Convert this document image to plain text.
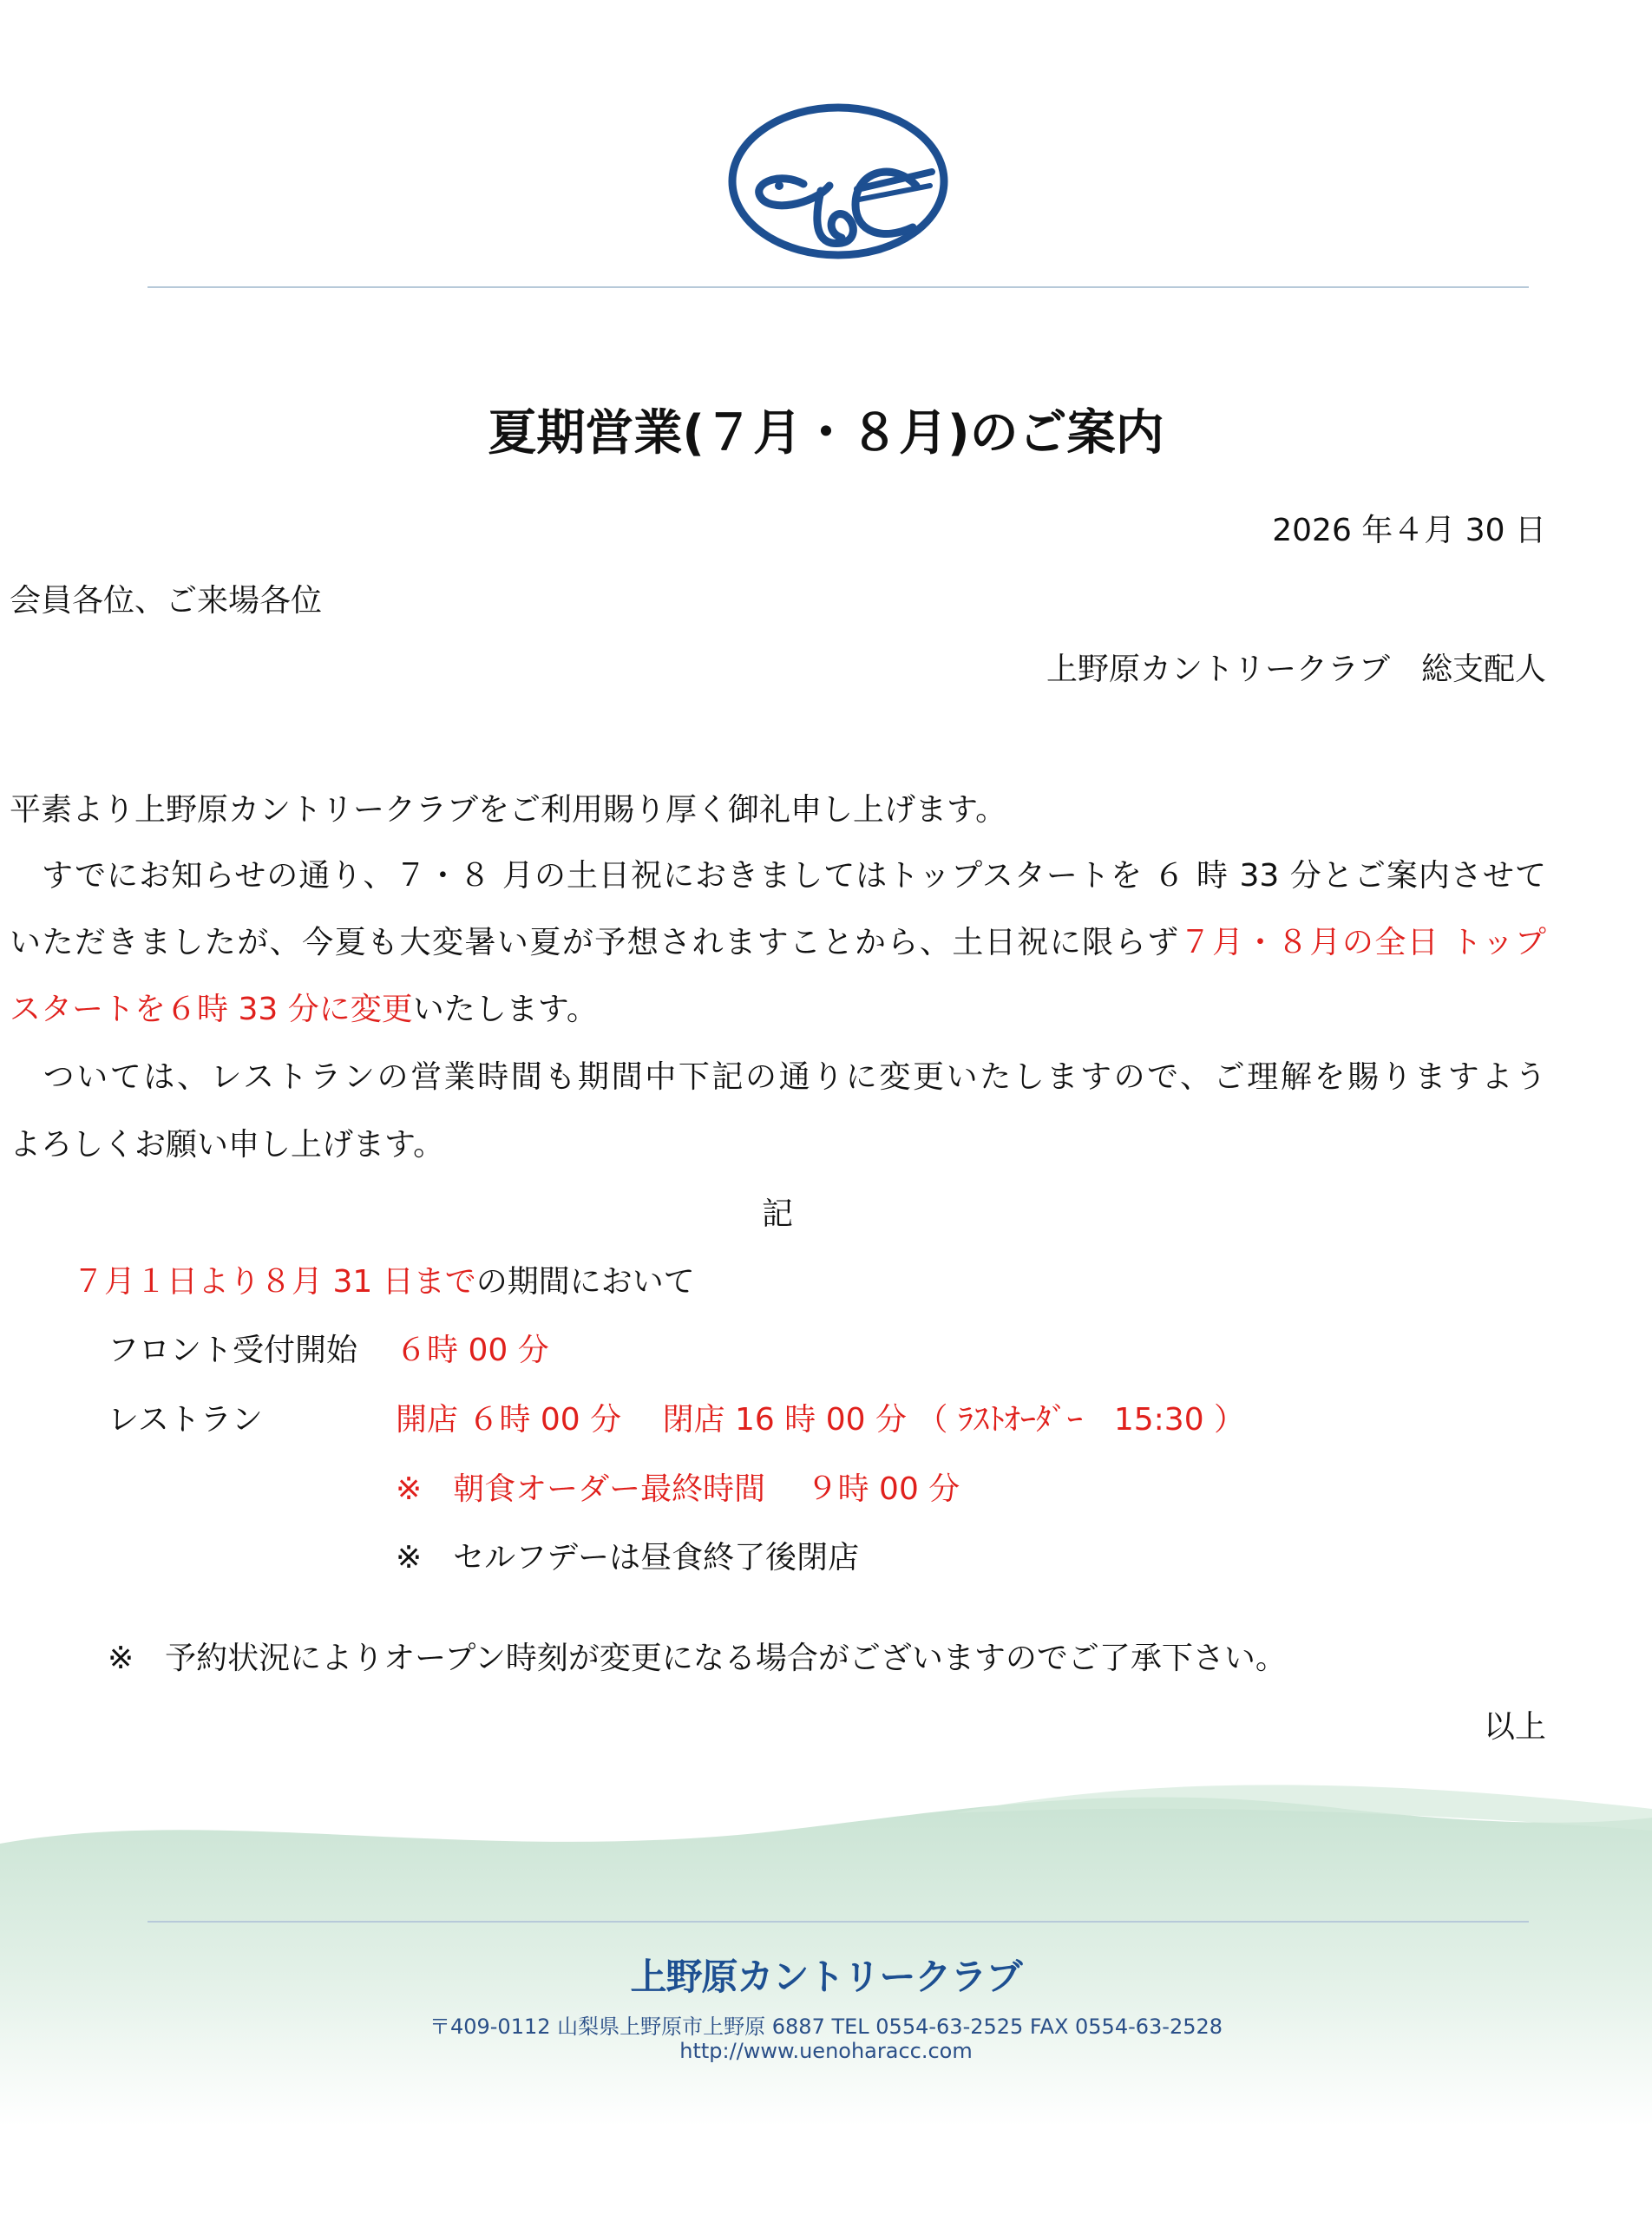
夏期営業(７月・８月)のご案内
2026 年４月 30 日
会員各位、ご来場各位
上野原カントリークラブ　総支配人
平素より上野原カントリークラブをご利用賜り厚く御礼申し上げます。
　すでにお知らせの通り、７・８ 月の土日祝におきましてはトップスタートを ６ 時 33 分とご案内させて
いただきましたが、今夏も大変暑い夏が予想されますことから、土日祝に限らず７月・８月の全日 トップ
スタートを６時 33 分に変更いたします。
　ついては、レストランの営業時間も期間中下記の通りに変更いたしますので、ご理解を賜りますよう
よろしくお願い申し上げます。
記
７月１日より８月 31 日までの期間において
フロント受付開始 ６時 00 分
レストラン	開店 ６時 00 分　 閉店 16 時 00 分 （ ﾗｽﾄｵｰﾀﾞｰ　15:30 ）
※　朝食オーダー最終時間　 ９時 00 分
※　セルフデーは昼食終了後閉店
※　予約状況によりオープン時刻が変更になる場合がございますのでご了承下さい。
以上
上野原カントリークラブ
〒409-0112 山梨県上野原市上野原 6887 TEL 0554-63-2525 FAX 0554-63-2528
http://www.uenoharacc.com
